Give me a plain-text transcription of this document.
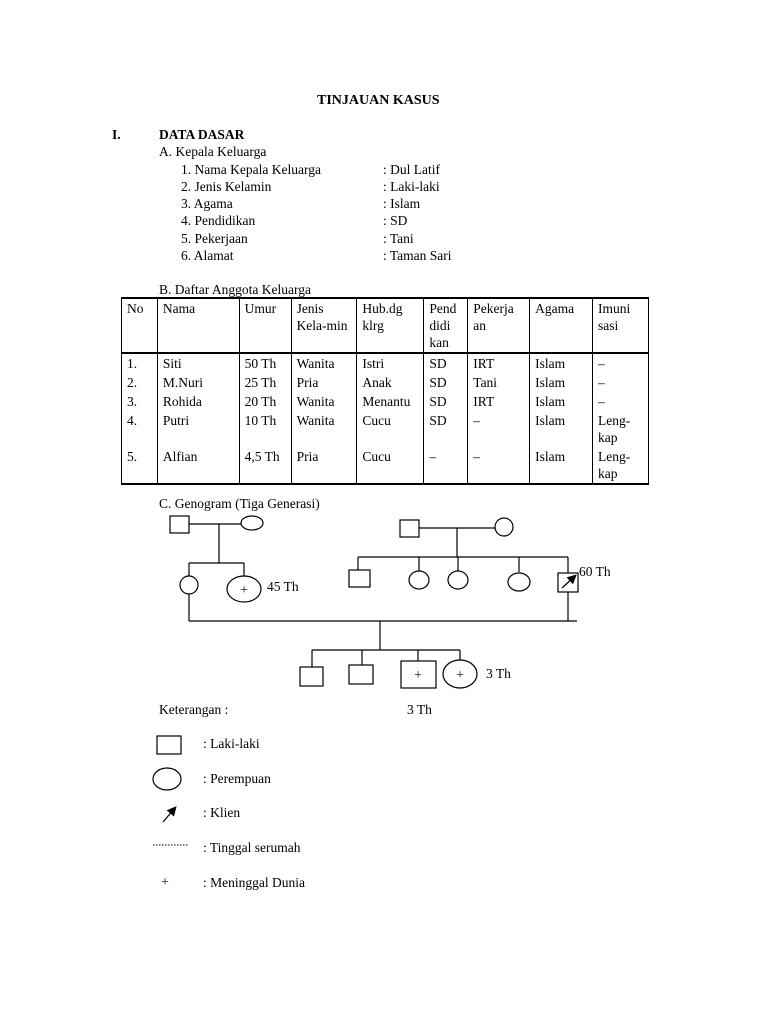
TINJAUAN KASUS
I.	DATA DASAR
A. Kepala Keluarga
1. Nama Kepala Keluarga	: Dul Latif
2. Jenis Kelamin	: Laki-laki
3. Agama	: Islam
4. Pendidikan	: SD
5. Pekerjaan	: Tani
6. Alamat	: Taman Sari
B. Daftar Anggota Keluarga
No	Nama	Umur	Jenis Kela-min	Hub.dg klrg	Pend didi kan	Pekerja an	Agama	Imuni sasi
1.	Siti	50 Th	Wanita	Istri	SD	IRT	Islam	–
2.	M.Nuri	25 Th	Pria	Anak	SD	Tani	Islam	–
3.	Rohida	20 Th	Wanita	Menantu	SD	IRT	Islam	–
4.	Putri	10 Th	Wanita	Cucu	SD	–	Islam	Leng-kap
5.	Alfian	4,5 Th	Pria	Cucu	–	–	Islam	Leng-kap
C. Genogram (Tiga Generasi)
+ 45 Th
60 Th
+	+ 3 Th
+
Keterangan :	3 Th
: Laki-laki
: Perempuan
: Klien
: Tinggal serumah
: Meninggal Dunia
